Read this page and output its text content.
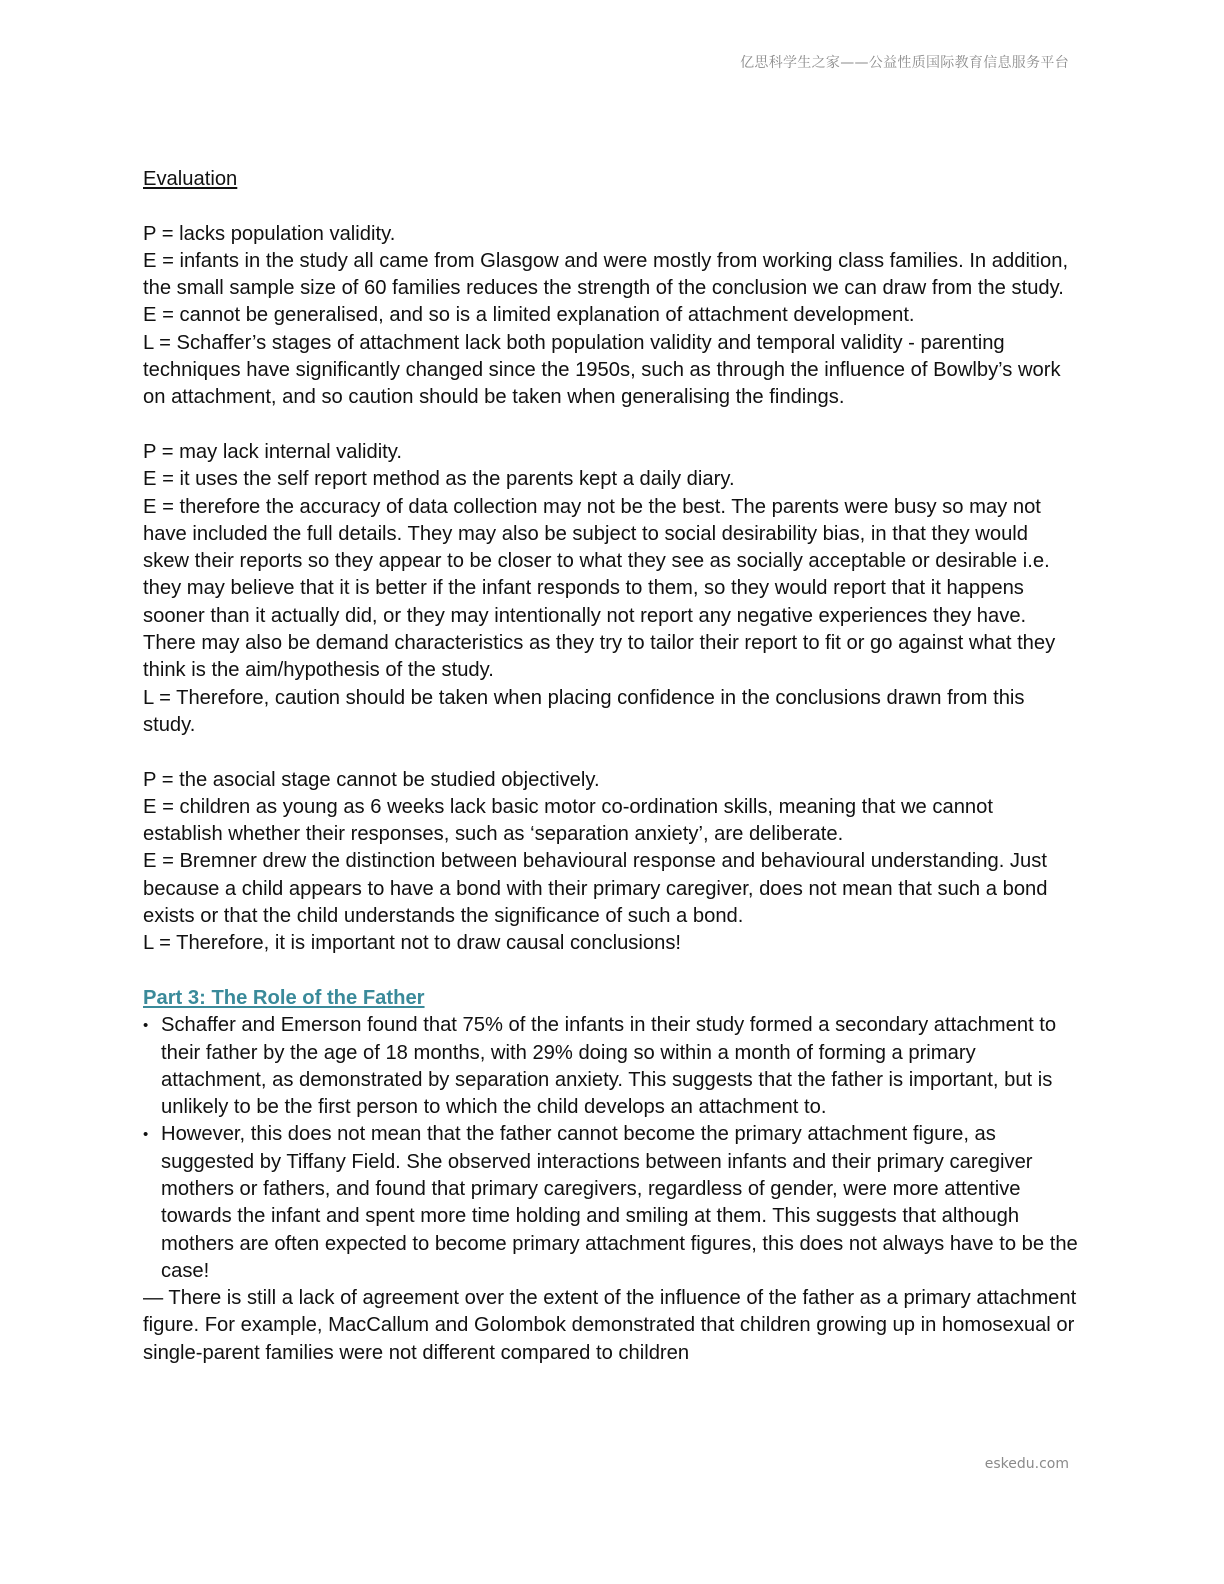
亿思科学生之家——公益性质国际教育信息服务平台
Evaluation
P = lacks population validity.
E = infants in the study all came from Glasgow and were mostly from working class families. In addition, the small sample size of 60 families reduces the strength of the conclusion we can draw from the study.
E = cannot be generalised, and so is a limited explanation of attachment development.
L = Schaffer’s stages of attachment lack both population validity and temporal validity - parenting techniques have significantly changed since the 1950s, such as through the influence of Bowlby’s work on attachment, and so caution should be taken when generalising the findings.
P = may lack internal validity.
E = it uses the self report method as the parents kept a daily diary.
E = therefore the accuracy of data collection may not be the best. The parents were busy so may not have included the full details. They may also be subject to social desirability bias, in that they would skew their reports so they appear to be closer to what they see as socially acceptable or desirable i.e. they may believe that it is better if the infant responds to them, so they would report that it happens sooner than it actually did, or they may intentionally not report any negative experiences they have. There may also be demand characteristics as they try to tailor their report to fit or go against what they think is the aim/hypothesis of the study.
L = Therefore, caution should be taken when placing confidence in the conclusions drawn from this study.
P = the asocial stage cannot be studied objectively.
E = children as young as 6 weeks lack basic motor co-ordination skills, meaning that we cannot establish whether their responses, such as ‘separation anxiety’, are deliberate.
E = Bremner drew the distinction between behavioural response and behavioural understanding. Just because a child appears to have a bond with their primary caregiver, does not mean that such a bond exists or that the child understands the significance of such a bond.
L = Therefore, it is important not to draw causal conclusions!
Part 3: The Role of the Father
• Schaffer and Emerson found that 75% of the infants in their study formed a secondary attachment to their father by the age of 18 months, with 29% doing so within a month of forming a primary attachment, as demonstrated by separation anxiety. This suggests that the father is important, but is unlikely to be the first person to which the child develops an attachment to.
• However, this does not mean that the father cannot become the primary attachment figure, as suggested by Tiffany Field. She observed interactions between infants and their primary caregiver mothers or fathers, and found that primary caregivers, regardless of gender, were more attentive towards the infant and spent more time holding and smiling at them. This suggests that although mothers are often expected to become primary attachment figures, this does not always have to be the case!
— There is still a lack of agreement over the extent of the influence of the father as a primary attachment figure. For example, MacCallum and Golombok demonstrated that children growing up in homosexual or single-parent families were not different compared to children
eskedu.com
